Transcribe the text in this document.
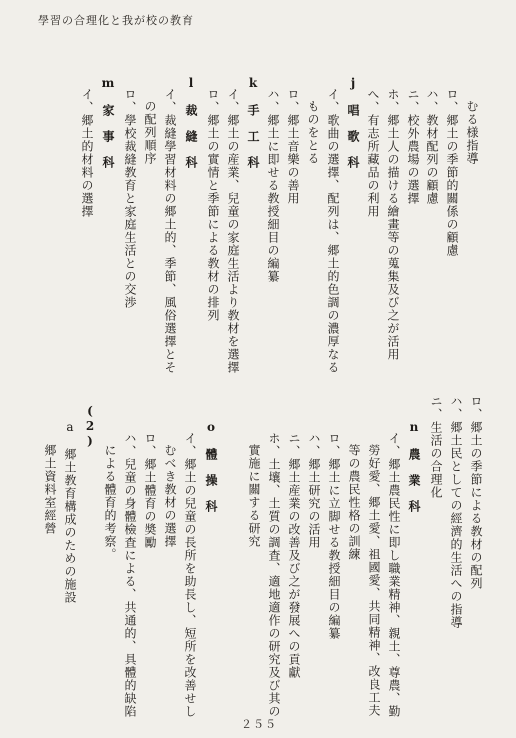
學習の合理化と我が校の教育
むる様指導
ロ、郷土の季節的關係の顧慮
ハ、教材配列の顧慮
ニ、校外農場の選擇
ホ、郷土人の描ける繪畫等の蒐集及び之が活用
へ、有志所藏品の利用
j　唱　歌　科
イ、歌曲の選擇、配列は、郷土的色調の濃厚なる
ものをとる
ロ、郷土音樂の善用
ハ、郷土に即せる教授細目の編纂
k　手　工　科
イ、郷土の産業、兒童の家庭生活より教材を選擇
ロ、郷土の實情と季節による教材の排列
l　裁　縫　科
イ、裁縫學習材料の郷土的、季節、風俗選擇とそ
の配列順序
ロ、學校裁縫教育と家庭生活との交渉
m　家　事　科
イ、郷土的材料の選擇
ロ、郷土の季節による教材の配列
ハ、郷土民としての經濟的生活への指導
ニ、生活の合理化
n　農　業　科
イ、郷土農民性に即し職業精神、親土、尊農、勤
勞好愛、郷土愛、祖國愛、共同精神、改良工夫
等の農民性格の訓練
ロ、郷土に立脚せる教授細目の編纂
ハ、郷土研究の活用
ニ、郷土産業の改善及び之が發展への貢獻
ホ、土壤、土質の調査、適地適作の研究及び其の
實施に關する研究
o　體　操　科
イ、郷土の兒童の長所を助長し、短所を改善せし
むべき教材の選擇
ロ、郷土體育の奬勵
ハ、兒童の身體檢査による、共通的、具體的缺陷
による體育的考察。
(2)
a　郷土教育構成のための施設
郷土資料室經營
２５５
